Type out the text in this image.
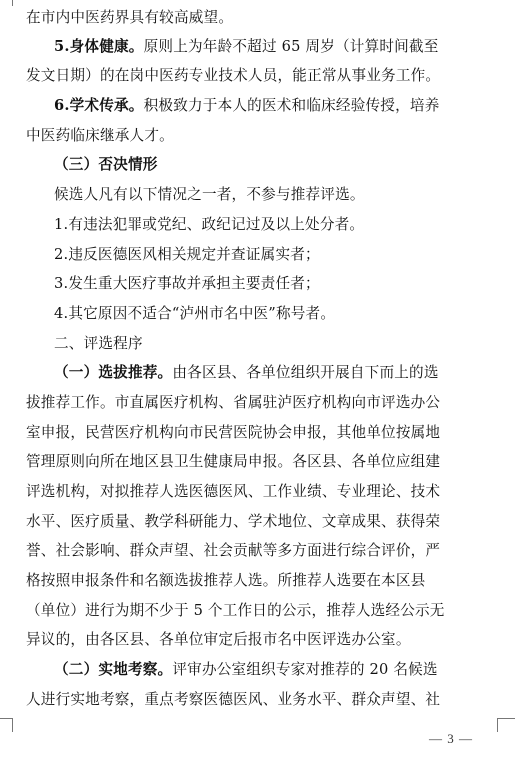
在市内中医药界具有较高威望。
5.身体健康。原则上为年龄不超过 65 周岁（计算时间截至
发文日期）的在岗中医药专业技术人员，能正常从事业务工作。
6.学术传承。积极致力于本人的医术和临床经验传授，培养
中医药临床继承人才。
（三）否决情形
候选人凡有以下情况之一者，不参与推荐评选。
1.有违法犯罪或党纪、政纪记过及以上处分者。
2.违反医德医风相关规定并查证属实者；
3.发生重大医疗事故并承担主要责任者；
4.其它原因不适合“泸州市名中医”称号者。
二、评选程序
（一）选拔推荐。由各区县、各单位组织开展自下而上的选
拔推荐工作。市直属医疗机构、省属驻泸医疗机构向市评选办公
室申报，民营医疗机构向市民营医院协会申报，其他单位按属地
管理原则向所在地区县卫生健康局申报。各区县、各单位应组建
评选机构，对拟推荐人选医德医风、工作业绩、专业理论、技术
水平、医疗质量、教学科研能力、学术地位、文章成果、获得荣
誉、社会影响、群众声望、社会贡献等多方面进行综合评价，严
格按照申报条件和名额选拔推荐人选。所推荐人选要在本区县
（单位）进行为期不少于 5 个工作日的公示，推荐人选经公示无
异议的，由各区县、各单位审定后报市名中医评选办公室。
（二）实地考察。评审办公室组织专家对推荐的 20 名候选
人进行实地考察，重点考察医德医风、业务水平、群众声望、社
— 3 —
